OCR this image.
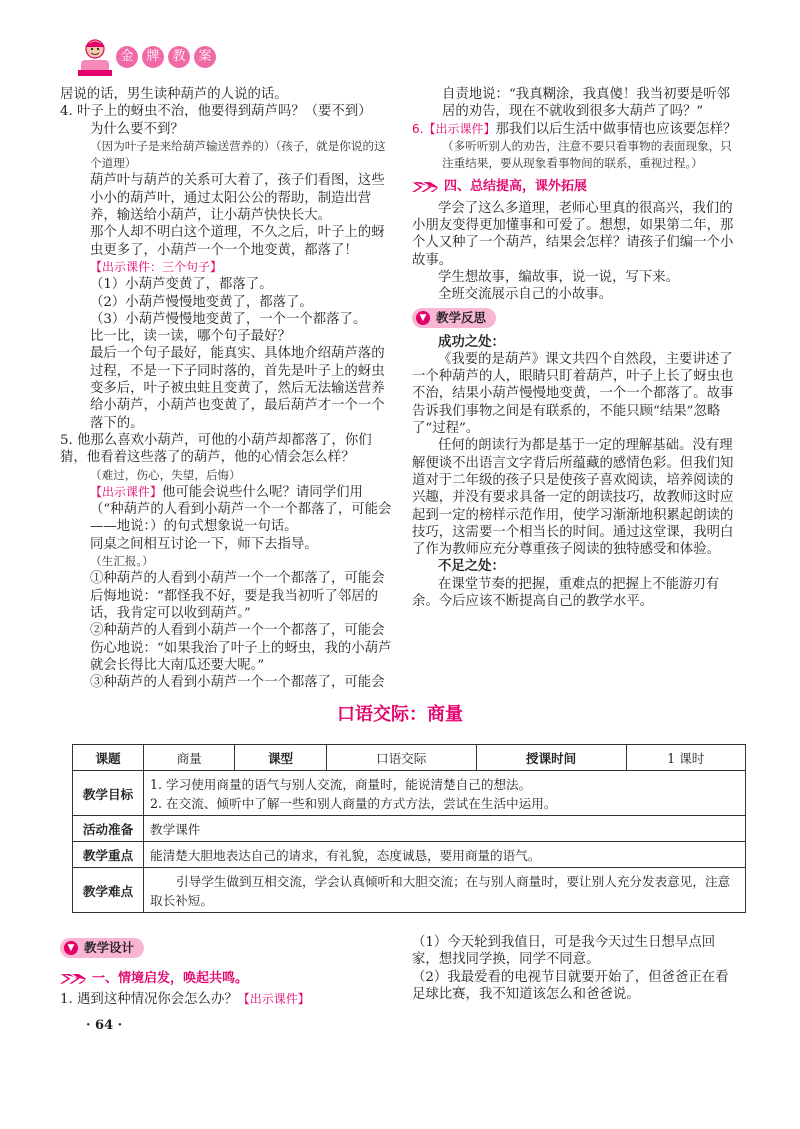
金 牌 教 案

居说的话，男生读种葫芦的人说的话。

4. 叶子上的蚜虫不治，他要得到葫芦吗？（要不到）

为什么要不到？

（因为叶子是来给葫芦输送营养的）（孩子，就是你说的这个道理）

葫芦叶与葫芦的关系可大着了，孩子们看图，这些小小的葫芦叶，通过太阳公公的帮助，制造出营养，输送给小葫芦，让小葫芦快快长大。

那个人却不明白这个道理，不久之后，叶子上的蚜虫更多了，小葫芦一个一个地变黄，都落了！

【出示课件：三个句子】

（1）小葫芦变黄了，都落了。

（2）小葫芦慢慢地变黄了，都落了。

（3）小葫芦慢慢地变黄了，一个一个都落了。

比一比，读一读，哪个句子最好？

最后一个句子最好，能真实、具体地介绍葫芦落的过程，不是一下子同时落的，首先是叶子上的蚜虫变多后，叶子被虫蛀且变黄了，然后无法输送营养给小葫芦，小葫芦也变黄了，最后葫芦才一个一个落下的。

5. 他那么喜欢小葫芦，可他的小葫芦却都落了，你们猜，他看着这些落了的葫芦，他的心情会怎么样？

（难过，伤心，失望，后悔）

【出示课件】他可能会说些什么呢？请同学们用（“种葫芦的人看到小葫芦一个一个都落了，可能会——地说：）的句式想象说一句话。

同桌之间相互讨论一下，师下去指导。

（生汇报。）

①种葫芦的人看到小葫芦一个一个都落了，可能会后悔地说：“都怪我不好，要是我当初听了邻居的话，我肯定可以收到葫芦。”

②种葫芦的人看到小葫芦一个一个都落了，可能会伤心地说：“如果我治了叶子上的蚜虫，我的小葫芦就会长得比大南瓜还要大呢。”

③种葫芦的人看到小葫芦一个一个都落了，可能会

自责地说：“我真糊涂，我真傻！我当初要是听邻居的劝告，现在不就收到很多大葫芦了吗？”

6.【出示课件】那我们以后生活中做事情也应该要怎样？

（多听听别人的劝告，注意不要只看事物的表面现象，只注重结果，要从现象看事物间的联系，重视过程。）

四、总结提高，课外拓展

学会了这么多道理，老师心里真的很高兴，我们的小朋友变得更加懂事和可爱了。想想，如果第二年，那个人又种了一个葫芦，结果会怎样？请孩子们编一个小故事。

学生想故事，编故事，说一说，写下来。

全班交流展示自己的小故事。

▼ 教学反思

成功之处：

《我要的是葫芦》课文共四个自然段，主要讲述了一个种葫芦的人，眼睛只盯着葫芦，叶子上长了蚜虫也不治，结果小葫芦慢慢地变黄，一个一个都落了。故事告诉我们事物之间是有联系的，不能只顾“结果”忽略了“过程”。

任何的朗读行为都是基于一定的理解基础。没有理解便谈不出语言文字背后所蕴藏的感情色彩。但我们知道对于二年级的孩子只是使孩子喜欢阅读，培养阅读的兴趣，并没有要求具备一定的朗读技巧，故教师这时应起到一定的榜样示范作用，使学习渐渐地积累起朗读的技巧，这需要一个相当长的时间。通过这堂课，我明白了作为教师应充分尊重孩子阅读的独特感受和体验。

不足之处：

在课堂节奏的把握，重难点的把握上不能游刃有余。今后应该不断提高自己的教学水平。

口语交际：商量
课题	商量	课型	口语交际	授课时间	1 课时
教学目标	1. 学习使用商量的语气与别人交流，商量时，能说清楚自己的想法。
2. 在交流、倾听中了解一些和别人商量的方式方法，尝试在生活中运用。				

活动准备	教学课件				
教学重点	能清楚大胆地表达自己的请求，有礼貌，态度诚恳，要用商量的语气。				
教学难点	引导学生做到互相交流，学会认真倾听和大胆交流；在与别人商量时，要让别人充分发表意见，注意取长补短。				
▼ 教学设计
一、情境启发，唤起共鸣。

1. 遇到这种情况你会怎么办？【出示课件】

（1）今天轮到我值日，可是我今天过生日想早点回家，想找同学换，同学不同意。

（2）我最爱看的电视节目就要开始了，但爸爸正在看足球比赛，我不知道该怎么和爸爸说。

· 64 ·
